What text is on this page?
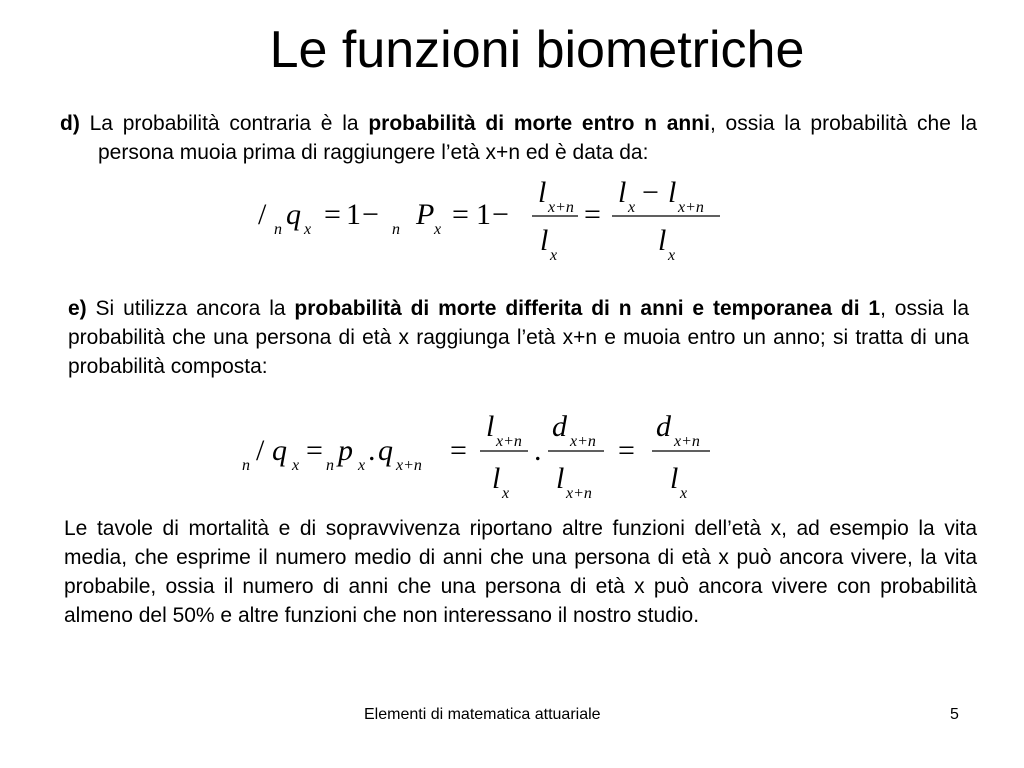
Le funzioni biometriche
d) La probabilità contraria è la probabilità di morte entro n anni, ossia la probabilità che la persona muoia prima di raggiungere l’età x+n ed è data da:
/ n q x = 1 − n P x = 1 −
l x+n
l x
=
l x − l x+n
l x
e) Si utilizza ancora la probabilità di morte differita di n anni e temporanea di 1, ossia la probabilità che una persona di età x raggiunga l’età x+n e muoia entro un anno; si tratta di una probabilità composta:
n / q x = n p x . q x+n =
l x+n
l x
.
d x+n
l x+n
=
d x+n
l x
Le tavole di mortalità e di sopravvivenza riportano altre funzioni dell’età x, ad esempio la vita media, che esprime il numero medio di anni che una persona di età x può ancora vivere, la vita probabile, ossia il numero di anni che una persona di età x può ancora vivere con probabilità almeno del 50% e altre funzioni che non interessano il nostro studio.
Elementi di matematica attuariale	5
